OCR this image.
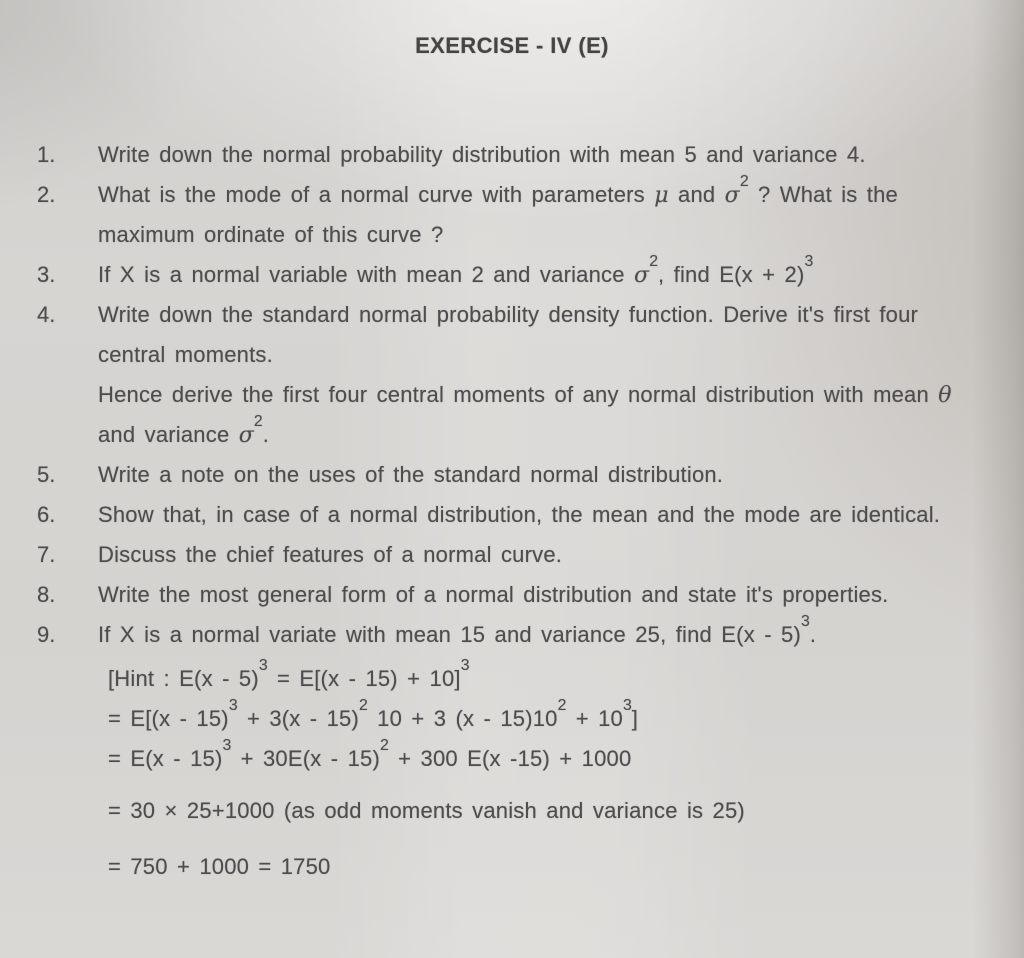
EXERCISE - IV (E)
1.	Write down the normal probability distribution with mean 5 and variance 4.
2.	What is the mode of a normal curve with parameters μ and $\sigma^2$ ? What is the
maximum ordinate of this curve ?
3.	If X is a normal variable with mean 2 and variance $\sigma^2$, find $E(x + 2)^3$
4.	Write down the standard normal probability density function. Derive it's first four
central moments.
Hence derive the first four central moments of any normal distribution with mean θ
and variance $\sigma^2$.
5.	Write a note on the uses of the standard normal distribution.
6.	Show that, in case of a normal distribution, the mean and the mode are identical.
7.	Discuss the chief features of a normal curve.
8.	Write the most general form of a normal distribution and state it's properties.
9.	If X is a normal variate with mean 15 and variance 25, find E(x - 5)$^3$.
[Hint : $E(x - 5)^3 = E[(x - 15) + 10]^3$
= E[(x - 15)$^3$ + 3(x - 15)$^2$ 10 + 3 $(x - 15)10^2 + 10^3$]
= E(x - 15)$^3$ + 30E(x - 15)$^2$ + 300 E(x -15) + 1000
= 30 × 25+1000 (as odd moments vanish and variance is 25)
= 750 + 1000 = 1750
